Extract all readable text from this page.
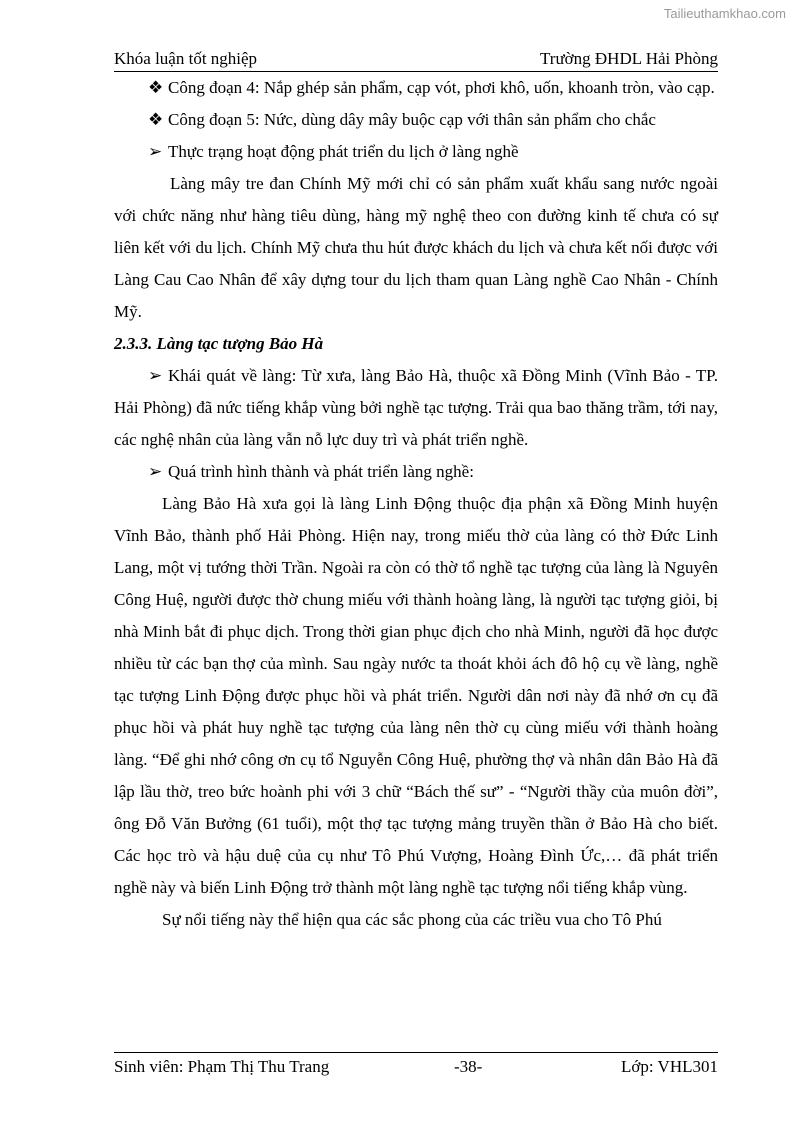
Tailieuthamkhao.com
Khóa luận tốt nghiệp	Trường ĐHDL Hải Phòng

❖ Công đoạn 4: Nắp ghép sản phẩm, cạp vót, phơi khô, uốn, khoanh tròn, vào cạp.

❖ Công đoạn 5: Nức, dùng dây mây buộc cạp với thân sản phẩm cho chắc

➢ Thực trạng hoạt động phát triển du lịch ở làng nghề

Làng mây tre đan Chính Mỹ mới chỉ có sản phẩm xuất khẩu sang nước ngoài với chức năng như hàng tiêu dùng, hàng mỹ nghệ theo con đường kinh tế chưa có sự liên kết với du lịch. Chính Mỹ chưa thu hút được khách du lịch và chưa kết nối được với Làng Cau Cao Nhân để xây dựng tour du lịch tham quan Làng nghề Cao Nhân - Chính Mỹ.

2.3.3. Làng tạc tượng Bảo Hà

➢ Khái quát về làng: Từ xưa, làng Bảo Hà, thuộc xã Đồng Minh (Vĩnh Bảo - TP. Hải Phòng) đã nức tiếng khắp vùng bởi nghề tạc tượng. Trải qua bao thăng trầm, tới nay, các nghệ nhân của làng vẫn nỗ lực duy trì và phát triển nghề.

➢ Quá trình hình thành và phát triển làng nghề:

Làng Bảo Hà xưa gọi là làng Linh Động thuộc địa phận xã Đồng Minh huyện Vĩnh Bảo, thành phố Hải Phòng. Hiện nay, trong miếu thờ của làng có thờ Đức Linh Lang, một vị tướng thời Trần. Ngoài ra còn có thờ tổ nghề tạc tượng của làng là Nguyên Công Huệ, người được thờ chung miếu với thành hoàng làng, là người tạc tượng giỏi, bị nhà Minh bắt đi phục dịch. Trong thời gian phục địch cho nhà Minh, người đã học được nhiều từ các bạn thợ của mình. Sau ngày nước ta thoát khỏi ách đô hộ cụ về làng, nghề tạc tượng Linh Động được phục hồi và phát triển. Người dân nơi này đã nhớ ơn cụ đã phục hồi và phát huy nghề tạc tượng của làng nên thờ cụ cùng miếu với thành hoàng làng. “Để ghi nhớ công ơn cụ tổ Nguyễn Công Huệ, phường thợ và nhân dân Bảo Hà đã lập lầu thờ, treo bức hoành phi với 3 chữ “Bách thế sư” - “Người thầy của muôn đời”, ông Đỗ Văn Bưởng (61 tuổi), một thợ tạc tượng mảng truyền thần ở Bảo Hà cho biết. Các học trò và hậu duệ của cụ như Tô Phú Vượng, Hoàng Đình Ức,… đã phát triển nghề này và biến Linh Động trở thành một làng nghề tạc tượng nổi tiếng khắp vùng.

Sự nổi tiếng này thể hiện qua các sắc phong của các triều vua cho Tô Phú

Sinh viên: Phạm Thị Thu Trang	-38-	Lớp: VHL301
